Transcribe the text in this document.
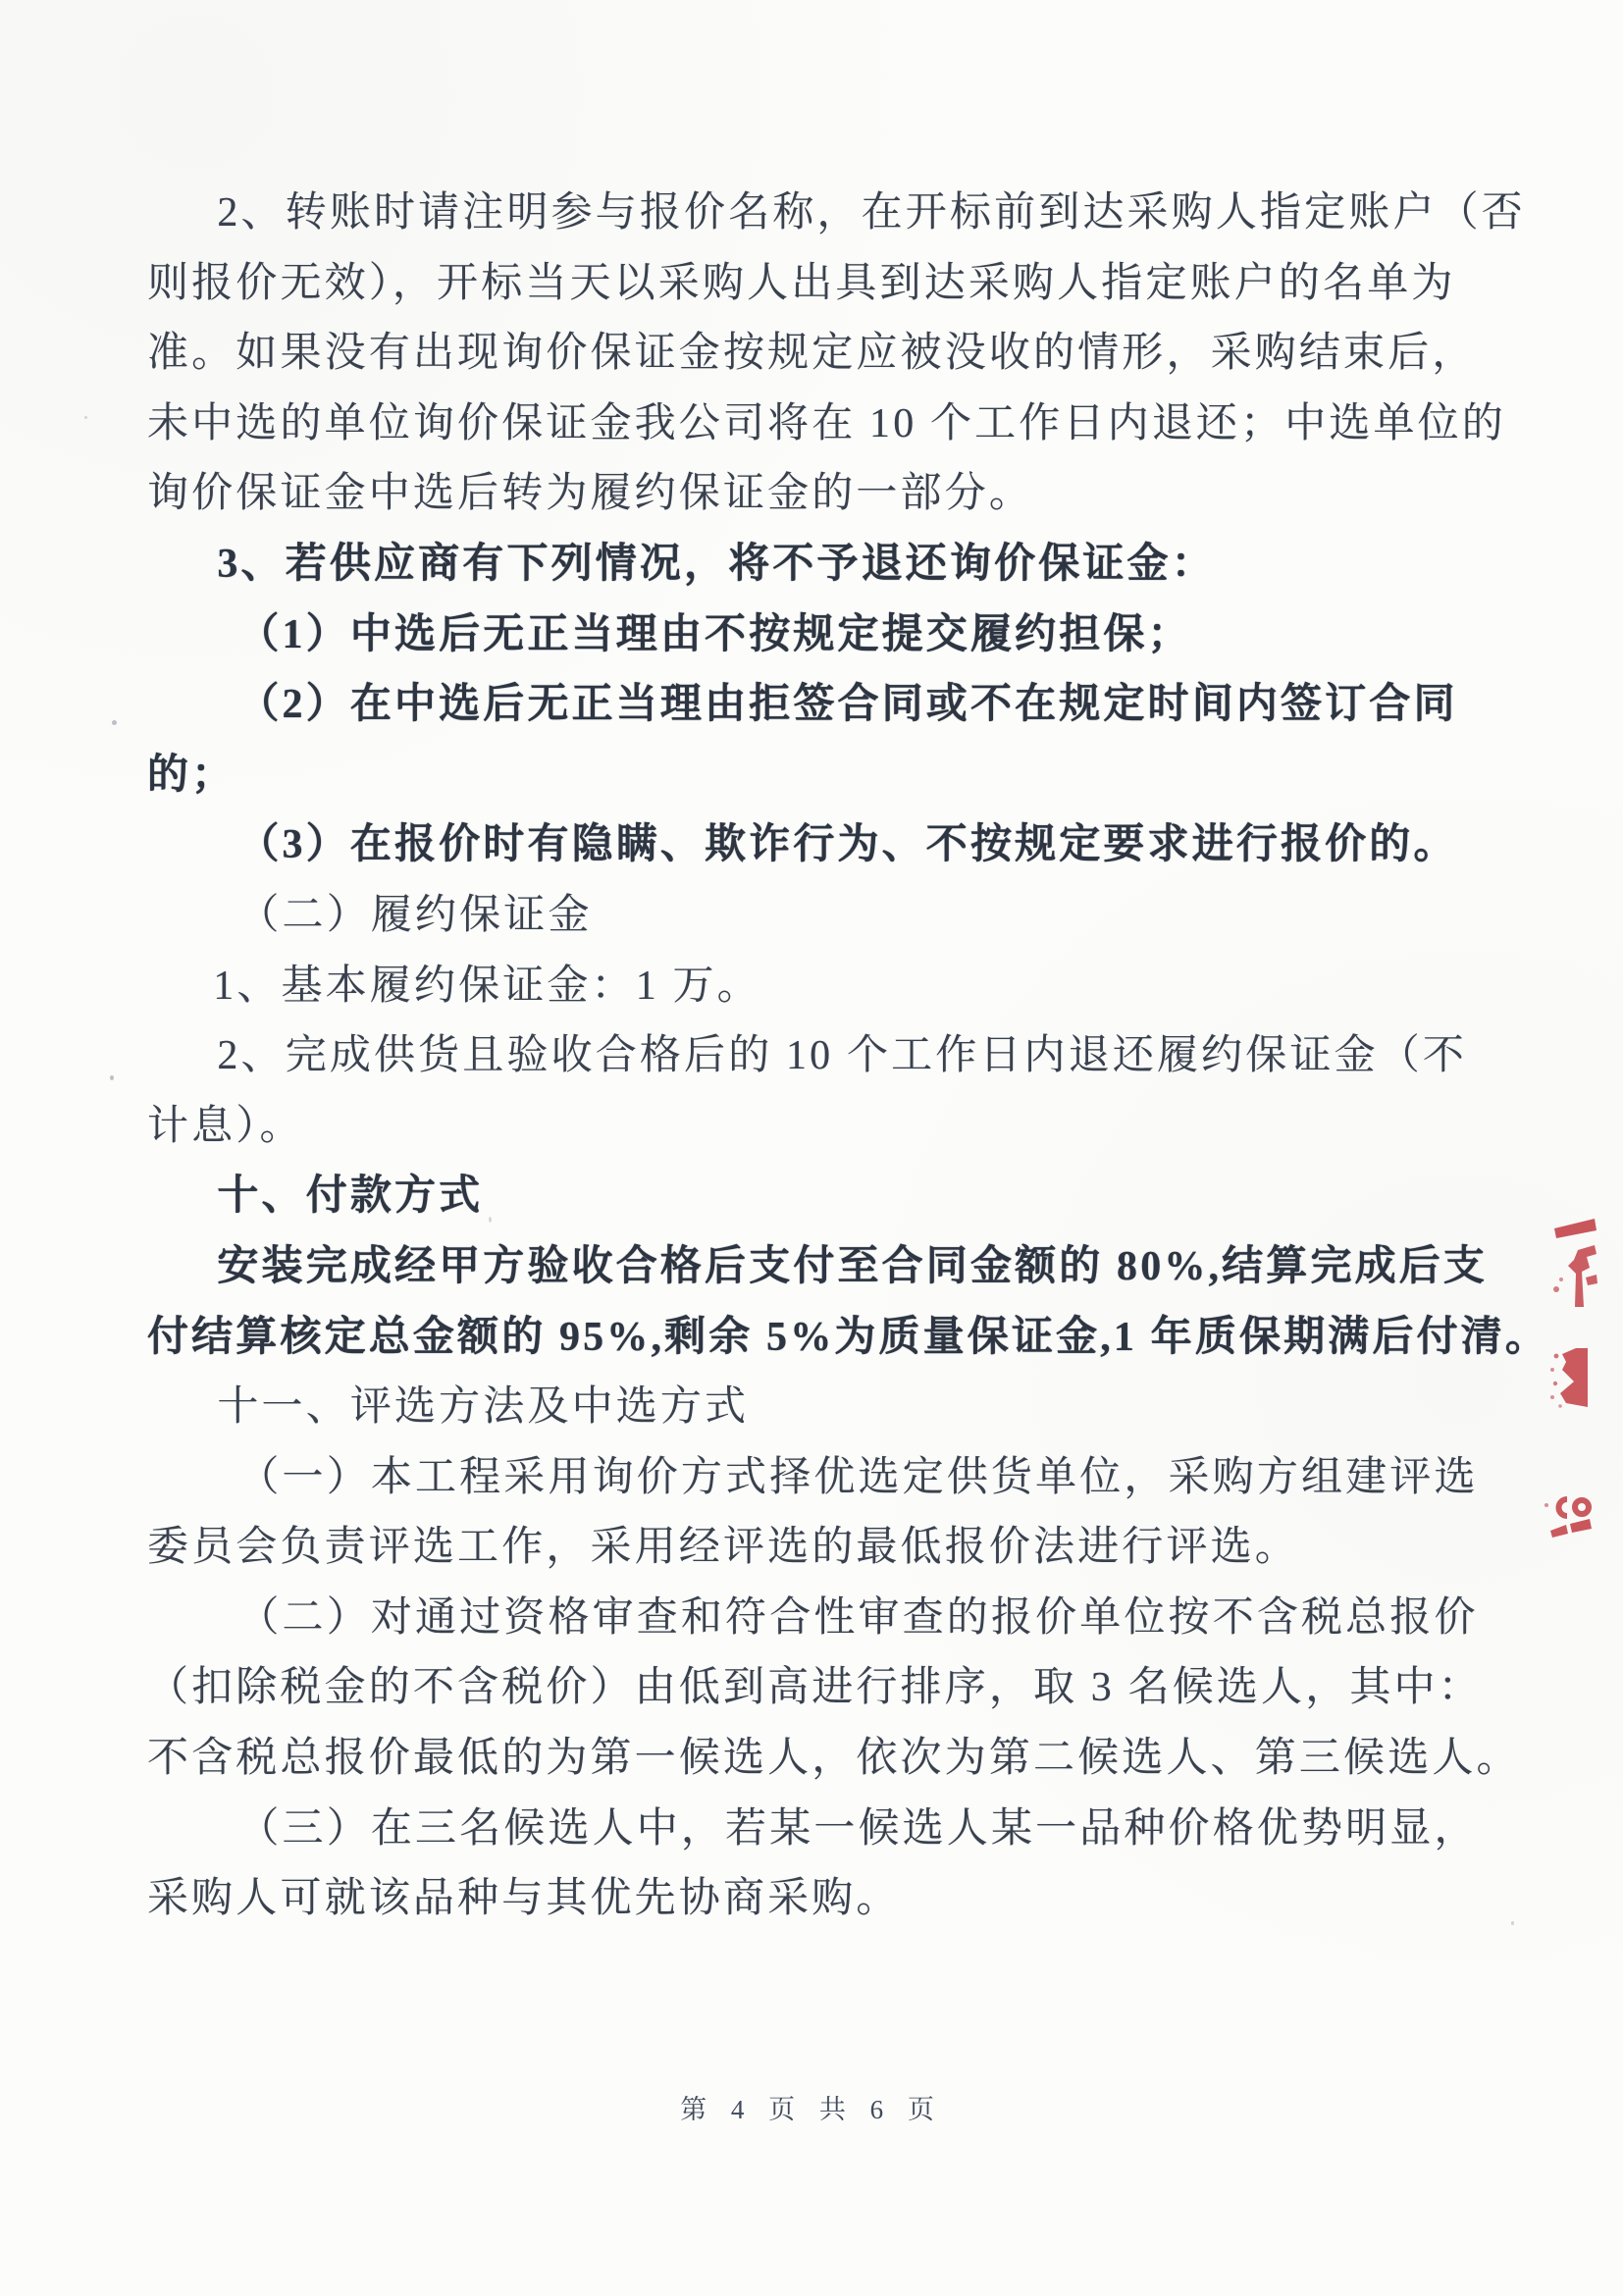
2、转账时请注明参与报价名称，在开标前到达采购人指定账户（否

则报价无效），开标当天以采购人出具到达采购人指定账户的名单为

准。如果没有出现询价保证金按规定应被没收的情形，采购结束后，

未中选的单位询价保证金我公司将在 10 个工作日内退还；中选单位的

询价保证金中选后转为履约保证金的一部分。

3、若供应商有下列情况，将不予退还询价保证金：

（1）中选后无正当理由不按规定提交履约担保；

（2）在中选后无正当理由拒签合同或不在规定时间内签订合同

的；

（3）在报价时有隐瞒、欺诈行为、不按规定要求进行报价的。

（二）履约保证金

1、基本履约保证金：1 万。

2、完成供货且验收合格后的 10 个工作日内退还履约保证金（不

计息）。

十、付款方式

安装完成经甲方验收合格后支付至合同金额的 80%,结算完成后支

付结算核定总金额的 95%,剩余 5%为质量保证金,1 年质保期满后付清。

十一、评选方法及中选方式

（一）本工程采用询价方式择优选定供货单位，采购方组建评选

委员会负责评选工作，采用经评选的最低报价法进行评选。

（二）对通过资格审查和符合性审查的报价单位按不含税总报价

（扣除税金的不含税价）由低到高进行排序，取 3 名候选人，其中：

不含税总报价最低的为第一候选人，依次为第二候选人、第三候选人。

（三）在三名候选人中，若某一候选人某一品种价格优势明显，

采购人可就该品种与其优先协商采购。

第 4 页 共 6 页
